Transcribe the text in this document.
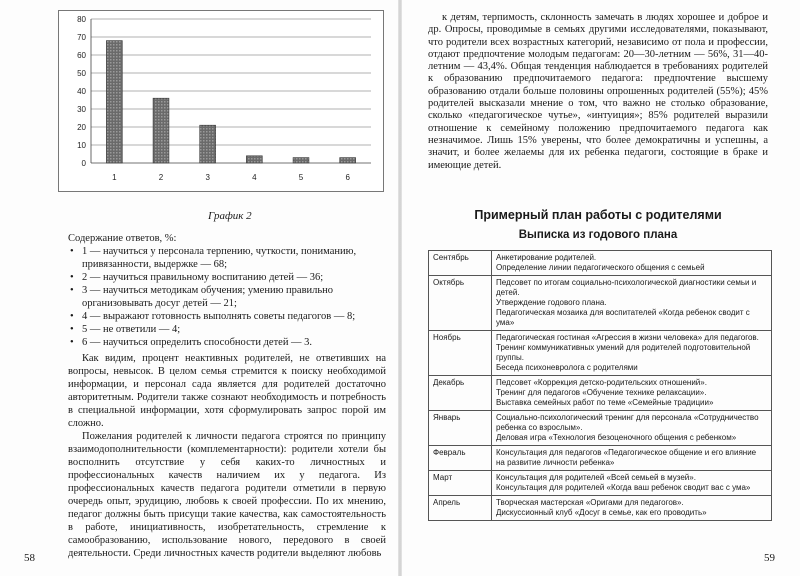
0
10
20
30
40
50
60
70
80
1	2	3	4	5	6
График 2

Содержание ответов, %:

• 1 — научиться у персонала терпению, чуткости, пониманию, привязанности, выдержке — 68;
• 2 — научиться правильному воспитанию детей — 36;
• 3 — научиться методикам обучения; умению правильно организовывать досуг детей — 21;
• 4 — выражают готовность выполнять советы педагогов — 8;
• 5 — не ответили — 4;
• 6 — научиться определить способности детей — 3.

Как видим, процент неактивных родителей, не ответивших на вопросы, невысок. В целом семья стремится к поиску необходимой информации, и персонал сада является для родителей достаточно авторитетным. Родители также сознают необходимость и потребность в специальной информации, хотя сформулировать запрос порой им сложно.

Пожелания родителей к личности педагога строятся по принципу взаимодополнительности (комплементарности): родители хотели бы восполнить отсутствие у себя каких-то личностных и профессиональных качеств наличием их у педагога. Из профессиональных качеств педагога родители отметили в первую очередь опыт, эрудицию, любовь к своей профессии. По их мнению, педагог должны быть присущи такие качества, как самостоятельность в работе, инициативность, изобретательность, стремление к самообразованию, использование нового, передового в своей деятельности. Среди личностных качеств родители выделяют любовь

58

к детям, терпимость, склонность замечать в людях хорошее и доброе и др. Опросы, проводимые в семьях другими исследователями, показывают, что родители всех возрастных категорий, независимо от пола и профессии, отдают предпочтение молодым педагогам: 20—30-летним — 56%, 31—40-летним — 43,4%. Общая тенденция наблюдается в требованиях родителей к образованию предпочитаемого педагога: предпочтение высшему образованию отдали больше половины опрошенных родителей (55%); 45% родителей высказали мнение о том, что важно не столько образование, сколько «педагогическое чутье», «интуиция»; 85% родителей выразили отношение к семейному положению предпочитаемого педагога как незначимое. Лишь 15% уверены, что более демократичны и успешны, а значит, и более желаемы для их ребенка педагоги, состоящие в браке и имеющие детей.

Примерный план работы с родителями
Выписка из годового плана
Сентябрь	Анкетирование родителей.
Определение линии педагогического общения с семьей

Октябрь	Педсовет по итогам социально-психологической диагностики семьи и детей.
Утверждение годового плана.
Педагогическая мозаика для воспитателей «Когда ребенок сводит с ума»

Ноябрь	Педагогическая гостиная «Агрессия в жизни человека» для педагогов.
Тренинг коммуникативных умений для родителей подготовительной группы.
Беседа психоневролога с родителями

Декабрь	Педсовет «Коррекция детско-родительских отношений».
Тренинг для педагогов «Обучение технике релаксации».
Выставка семейных работ по теме «Семейные традиции»

Январь	Социально-психологический тренинг для персонала «Сотрудничество ребенка со взрослым».
Деловая игра «Технология безоценочного общения с ребенком»

Февраль	Консультация для педагогов «Педагогическое общение и его влияние на развитие личности ребенка»

Март	Консультация для родителей «Всей семьей в музей».
Консультация для родителей «Когда ваш ребенок сводит вас с ума»

Апрель	Творческая мастерская «Оригами для педагогов».
Дискуссионный клуб «Досуг в семье, как его проводить»
59
